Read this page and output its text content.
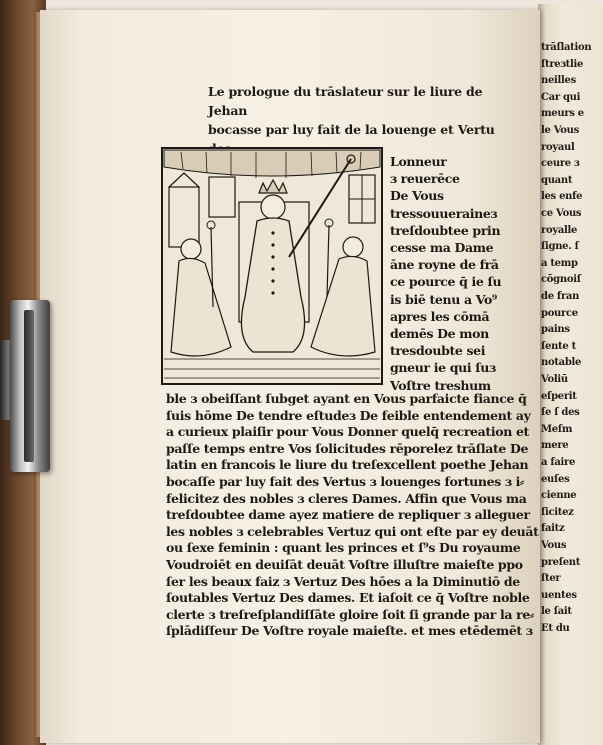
trāſlation
ſtreɜtlie
neilles
Car qui
meurs e
le Vous
royaul
ceure ɜ
quant
les enfe
ce Vous
royalle
ſigne. ſ
a temp
cōgnoiſ
de fran
pource
pains
ſente t
notable
Voliū
eſperit
ſe ſ des
Meſm
mere
a faire
euſes
cienne
ſicitez
faitz
Vous
preſent
ſter
uentes
le ſait
Et du
Le prologue du trāslateur sur le liure de Jehan
bocasse par luy fait de la louenge et Vertu
Lonneur
ɜ reuerēce
De Vous
tressouueraineɜ
treſdoubtee prin
cesse ma Dame
āne royne de frā
ce pource q̄ ie ſu
is biē tenu a Vo⁹
apres les cōmā
demēs De mon
tresdoubte sei
gneur ie qui ſuɜ
Voſtre treshum
ble ɜ obeiſſant ſubget ayant en Vous parfaicte fiance q̄
ſuis hōme De tendre eſtudeɜ De feible entendement ay
a curieux plaiſir pour Vous Donner quelq̄ recreation et
paſſe temps entre Vos ſolicitudes rēporelez trāſlate De
latin en francois le liure du treſexcellent poethe Jehan
bocaſſe par luy fait des Vertus ɜ louenges fortunes ɜ i⸗
felicitez des nobles ɜ cleres Dames. Affin que Vous ma
treſdoubtee dame ayez matiere de repliquer ɜ alleguer
les nobles ɜ celebrables Vertuz qui ont eſte par ey deuāt
ou ſexe feminin : quant les princes et ſ⁹s Du royaume
Voudroiēt en deuiſāt deuāt Voſtre illuſtre maieſte ppo
ſer les beaux faiz ɜ Vertuz Des hōes a la Diminutiō de
ſoutables Vertuz Des dames. Et iaſoit ce q̄ Voſtre noble
clerte ɜ treſreſplandiſſāte gloire ſoit ſi grande par la re⸗
ſplādiſſeur De Voſtre royale maieſte. et mes etēdemēt ɜ
